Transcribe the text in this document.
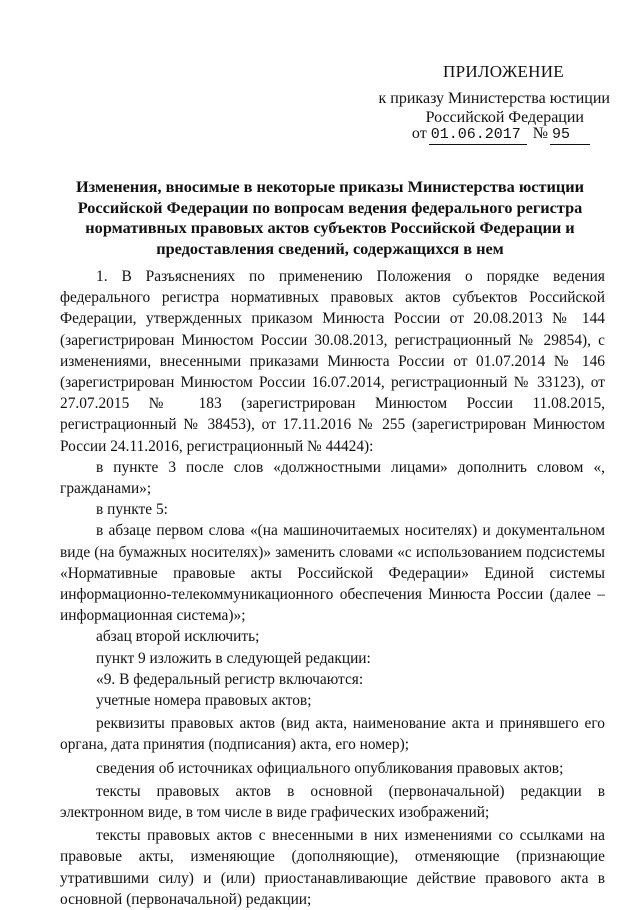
ПРИЛОЖЕНИЕ
к приказу Министерства юстиции
Российской Федерации
от 01.06.2017 № 95
Изменения, вносимые в некоторые приказы Министерства юстиции Российской Федерации по вопросам ведения федерального регистра нормативных правовых актов субъектов Российской Федерации и предоставления сведений, содержащихся в нем

1. В Разъяснениях по применению Положения о порядке ведения федерального регистра нормативных правовых актов субъектов Российской Федерации, утвержденных приказом Минюста России от 20.08.2013 № 144 (зарегистрирован Минюстом России 30.08.2013, регистрационный № 29854), с изменениями, внесенными приказами Минюста России от 01.07.2014 № 146 (зарегистрирован Минюстом России 16.07.2014, регистрационный № 33123), от 27.07.2015 № 183 (зарегистрирован Минюстом России 11.08.2015, регистрационный № 38453), от 17.11.2016 № 255 (зарегистрирован Минюстом России 24.11.2016, регистрационный № 44424):

в пункте 3 после слов «должностными лицами» дополнить словом «, гражданами»;

в пункте 5:

в абзаце первом слова «(на машиночитаемых носителях) и документальном виде (на бумажных носителях)» заменить словами «с использованием подсистемы «Нормативные правовые акты Российской Федерации» Единой системы информационно-телекоммуникационного обеспечения Минюста России (далее – информационная система)»;

абзац второй исключить;

пункт 9 изложить в следующей редакции:

«9. В федеральный регистр включаются:

учетные номера правовых актов;

реквизиты правовых актов (вид акта, наименование акта и принявшего его органа, дата принятия (подписания) акта, его номер);

сведения об источниках официального опубликования правовых актов;

тексты правовых актов в основной (первоначальной) редакции в электронном виде, в том числе в виде графических изображений;

тексты правовых актов с внесенными в них изменениями со ссылками на правовые акты, изменяющие (дополняющие), отменяющие (признающие утратившими силу) и (или) приостанавливающие действие правового акта в основной (первоначальной) редакции;
